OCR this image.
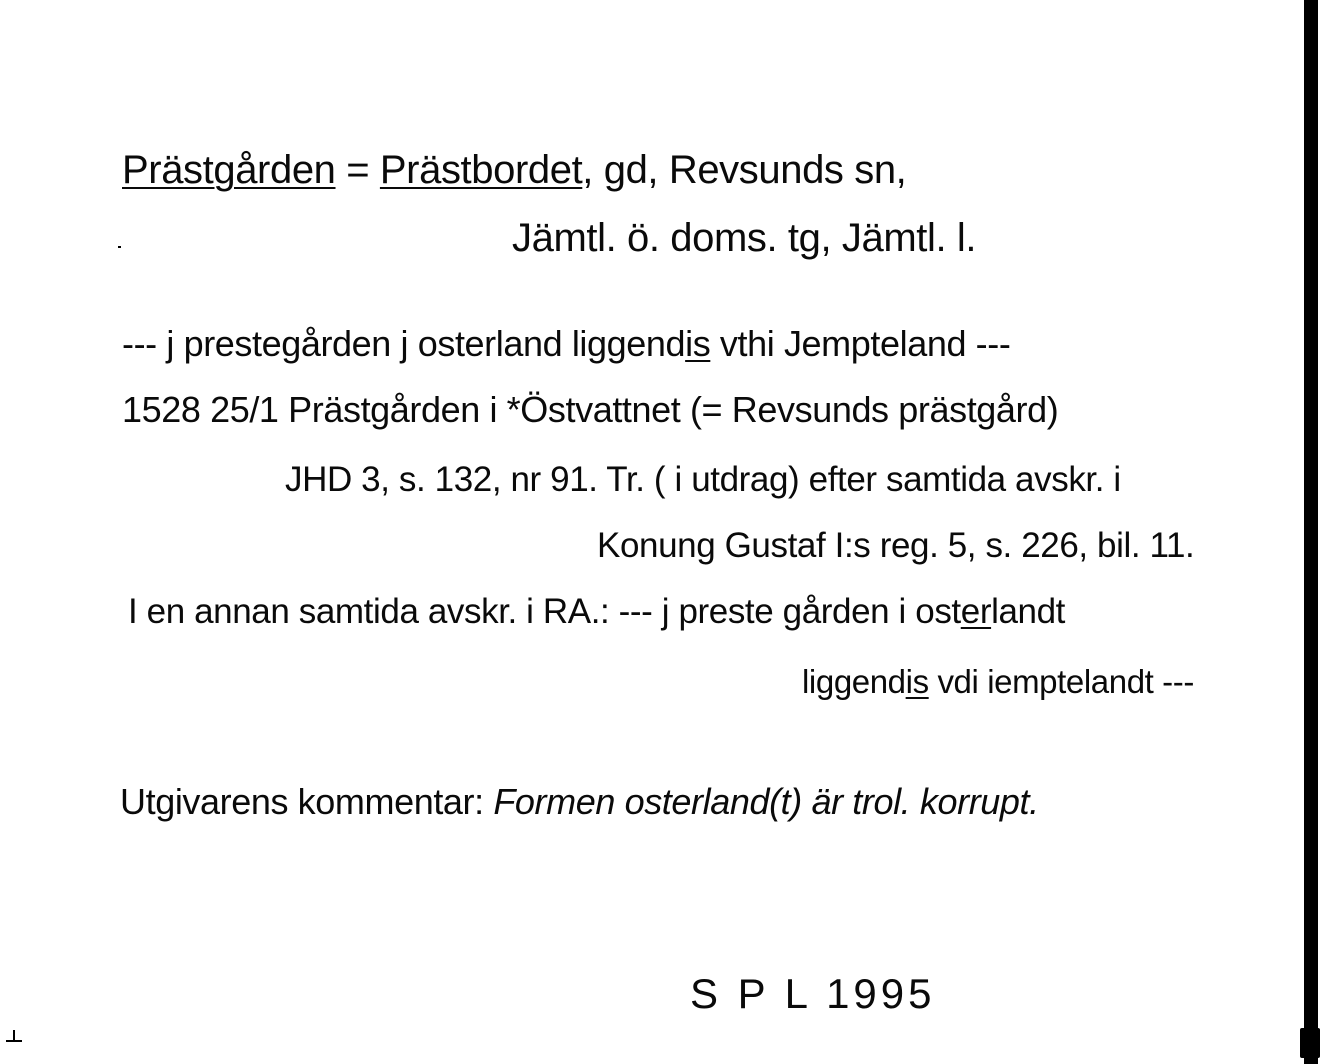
Prästgården = Prästbordet, gd, Revsunds sn,
Jämtl. ö. doms. tg, Jämtl. l.
--- j prestegården j osterland liggendis vthi Jempteland ---
1528 25/1 Prästgården i *Östvattnet (= Revsunds prästgård)
JHD 3, s. 132, nr 91. Tr. ( i utdrag) efter samtida avskr. i
Konung Gustaf I:s reg. 5, s. 226, bil. 11.
I en annan samtida avskr. i RA.: --- j preste gården i osterlandt
liggendis vdi iemptelandt ---
Utgivarens kommentar: Formen osterland(t) är trol. korrupt.
S P L 1995
